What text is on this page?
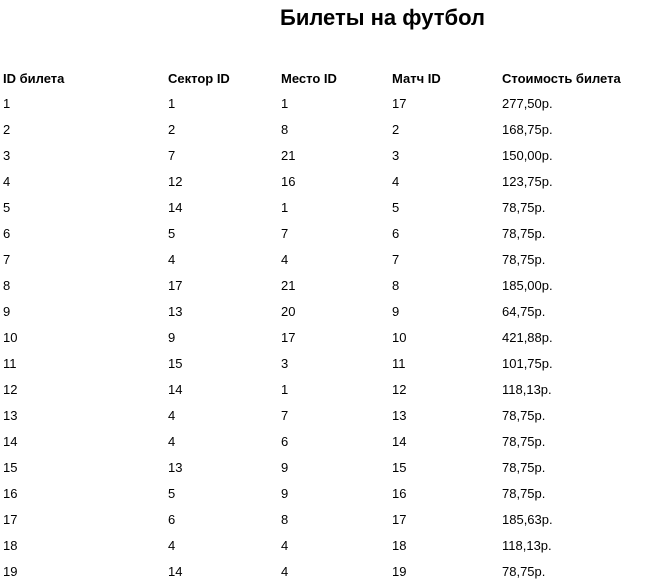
Билеты на футбол
ID билета	Сектор ID	Место ID	Матч ID	Стоимость билета
1	1	1	17	277,50р.
2	2	8	2	168,75р.
3	7	21	3	150,00р.
4	12	16	4	123,75р.
5	14	1	5	78,75р.
6	5	7	6	78,75р.
7	4	4	7	78,75р.
8	17	21	8	185,00р.
9	13	20	9	64,75р.
10	9	17	10	421,88р.
11	15	3	11	101,75р.
12	14	1	12	118,13р.
13	4	7	13	78,75р.
14	4	6	14	78,75р.
15	13	9	15	78,75р.
16	5	9	16	78,75р.
17	6	8	17	185,63р.
18	4	4	18	118,13р.
19	14	4	19	78,75р.
